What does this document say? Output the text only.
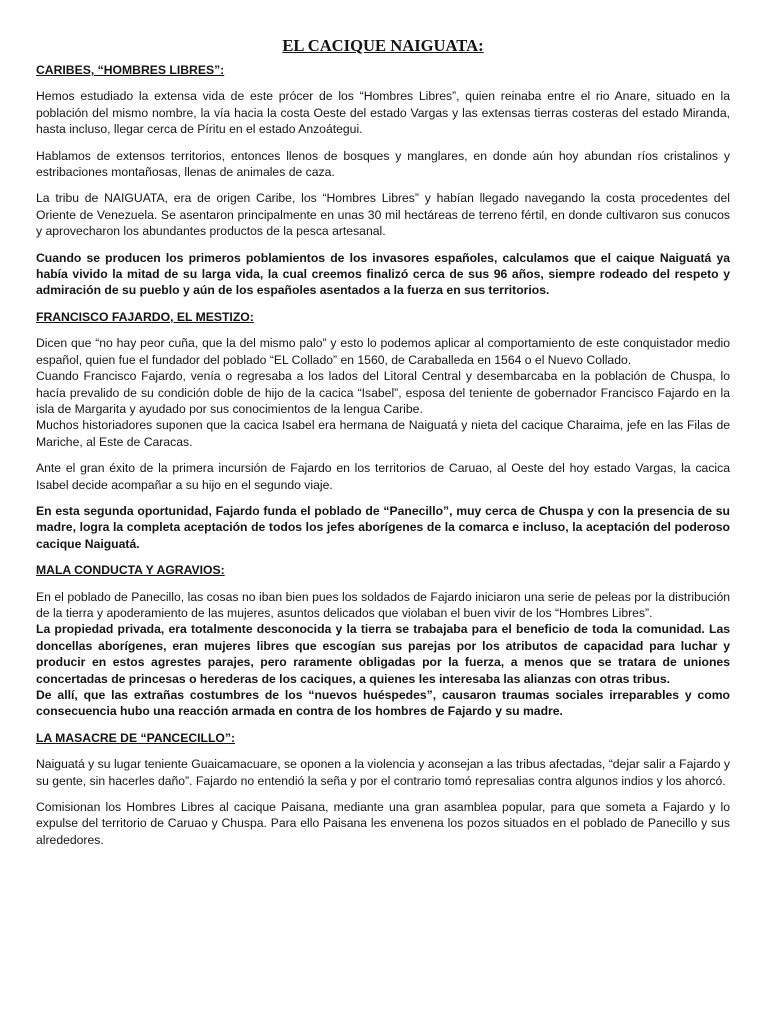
EL CACIQUE NAIGUATA:
CARIBES, “HOMBRES LIBRES”:

Hemos estudiado la extensa vida de este prócer de los “Hombres Libres”, quien reinaba entre el rio Anare, situado en la población del mismo nombre, la vía hacia la costa Oeste del estado Vargas y las extensas tierras costeras del estado Miranda, hasta incluso, llegar cerca de Píritu en el estado Anzoátegui.

Hablamos de extensos territorios, entonces llenos de bosques y manglares, en donde aún hoy abundan ríos cristalinos y estribaciones montañosas, llenas de animales de caza.

La tribu de NAIGUATA, era de origen Caribe, los “Hombres Libres” y habían llegado navegando la costa procedentes del Oriente de Venezuela. Se asentaron principalmente en unas 30 mil hectáreas de terreno fértil, en donde cultivaron sus conucos y aprovecharon los abundantes productos de la pesca artesanal.

Cuando se producen los primeros poblamientos de los invasores españoles, calculamos que el caique Naiguatá ya había vivido la mitad de su larga vida, la cual creemos finalizó cerca de sus 96 años, siempre rodeado del respeto y admiración de su pueblo y aún de los españoles asentados a la fuerza en sus territorios.

FRANCISCO FAJARDO, EL MESTIZO:

Dicen que “no hay peor cuña, que la del mismo palo” y esto lo podemos aplicar al comportamiento de este conquistador medio español, quien fue el fundador del poblado “EL Collado” en 1560, de Caraballeda en 1564 o el Nuevo Collado.

Cuando Francisco Fajardo, venía o regresaba a los lados del Litoral Central y desembarcaba en la población de Chuspa, lo hacía prevalido de su condición doble de hijo de la cacica “Isabel”, esposa del teniente de gobernador Francisco Fajardo en la isla de Margarita y ayudado por sus conocimientos de la lengua Caribe.

Muchos historiadores suponen que la cacica Isabel era hermana de Naiguatá y nieta del cacique Charaima, jefe en las Filas de Mariche, al Este de Caracas.

Ante el gran éxito de la primera incursión de Fajardo en los territorios de Caruao, al Oeste del hoy estado Vargas, la cacica Isabel decide acompañar a su hijo en el segundo viaje.

En esta segunda oportunidad, Fajardo funda el poblado de “Panecillo”, muy cerca de Chuspa y con la presencia de su madre, logra la completa aceptación de todos los jefes aborígenes de la comarca e incluso, la aceptación del poderoso cacique Naiguatá.

MALA CONDUCTA Y AGRAVIOS:

En el poblado de Panecillo, las cosas no iban bien pues los soldados de Fajardo iniciaron una serie de peleas por la distribución de la tierra y apoderamiento de las mujeres, asuntos delicados que violaban el buen vivir de los “Hombres Libres”.

La propiedad privada, era totalmente desconocida y la tierra se trabajaba para el beneficio de toda la comunidad. Las doncellas aborígenes, eran mujeres libres que escogían sus parejas por los atributos de capacidad para luchar y producir en estos agrestes parajes, pero raramente obligadas por la fuerza, a menos que se tratara de uniones concertadas de princesas o herederas de los caciques, a quienes les interesaba las alianzas con otras tribus.

De allí, que las extrañas costumbres de los “nuevos huéspedes”, causaron traumas sociales irreparables y como consecuencia hubo una reacción armada en contra de los hombres de Fajardo y su madre.

LA MASACRE DE “PANCECILLO”:

Naiguatá y su lugar teniente Guaicamacuare, se oponen a la violencia y aconsejan a las tribus afectadas, “dejar salir a Fajardo y su gente, sin hacerles daño”. Fajardo no entendió la seña y por el contrario tomó represalias contra algunos indios y los ahorcó.

Comisionan los Hombres Libres al cacique Paisana, mediante una gran asamblea popular, para que someta a Fajardo y lo expulse del territorio de Caruao y Chuspa. Para ello Paisana les envenena los pozos situados en el poblado de Panecillo y sus alrededores.
